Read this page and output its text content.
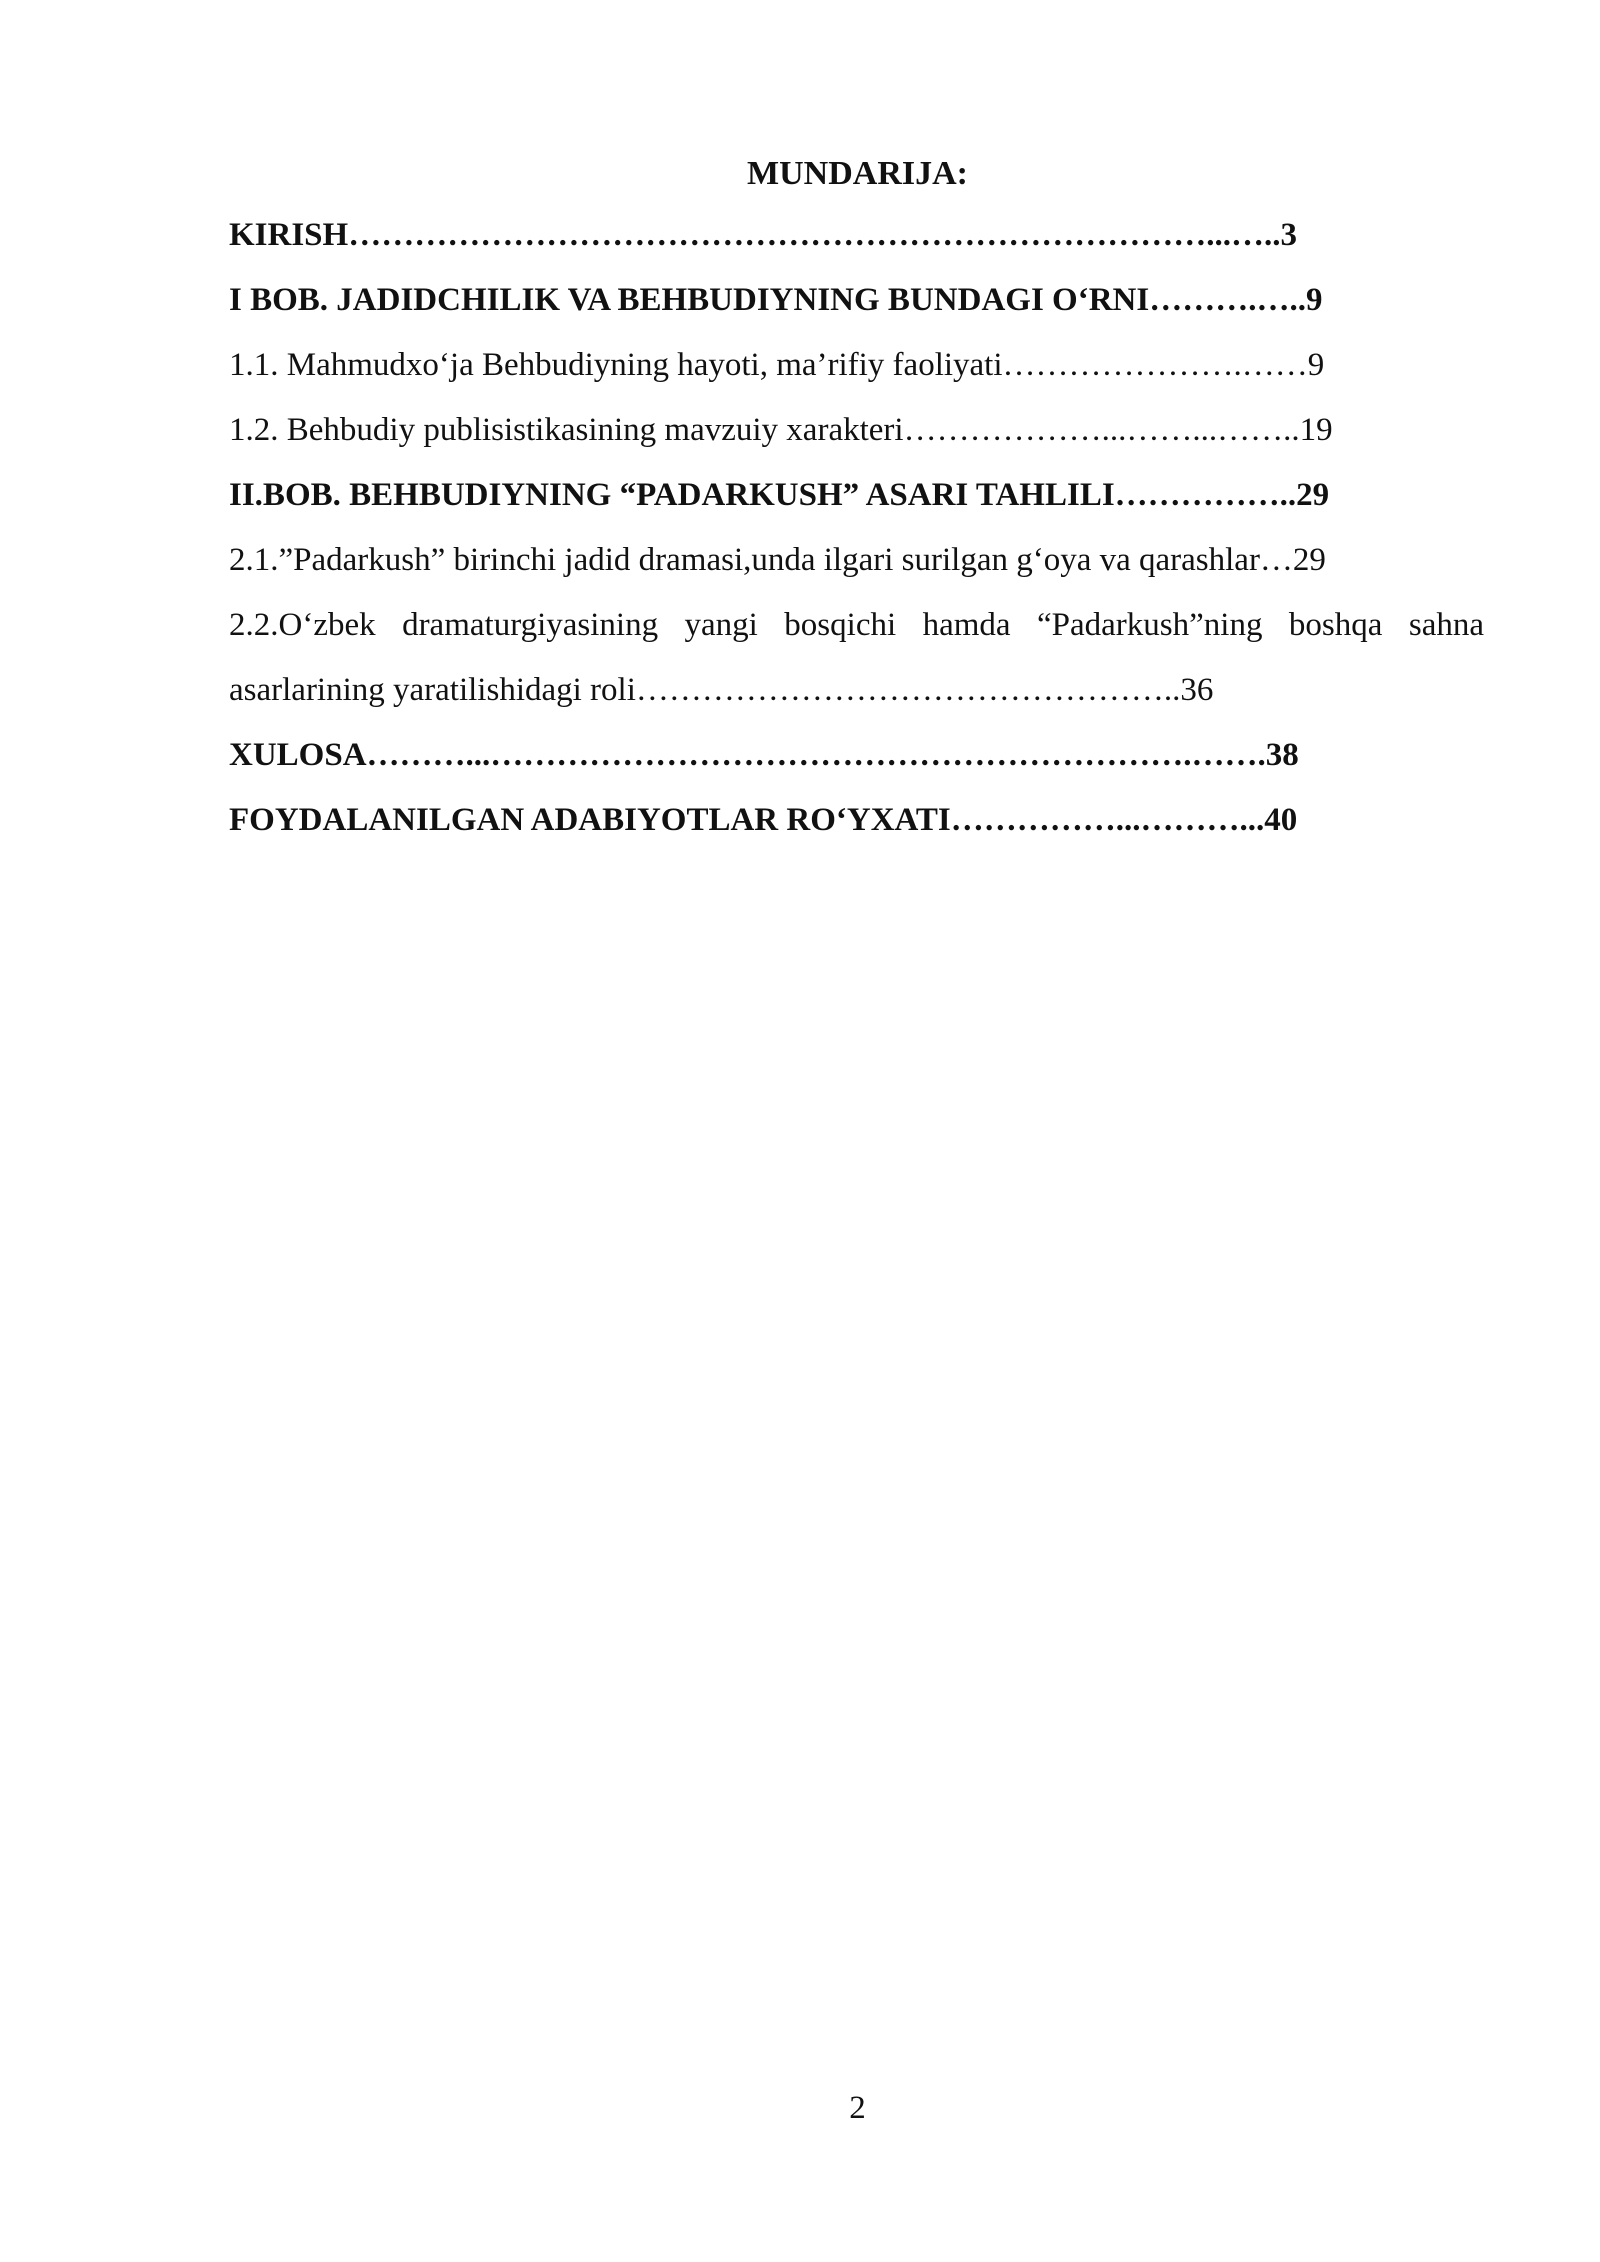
MUNDARIJA:
KIRISH……………………………………………………………………...…..3
I BOB. JADIDCHILIK VA BEHBUDIYNING BUNDAGI O‘RNI……….…..9
1.1. Mahmudxo‘ja Behbudiyning hayoti, ma’rifiy faoliyati………………….……9
1.2. Behbudiy publisistikasining mavzuiy xarakteri………………...……...……..19
II.BOB. BEHBUDIYNING “PADARKUSH” ASARI TAHLILI……………..29
2.1.”Padarkush” birinchi jadid dramasi,unda ilgari surilgan g‘oya va qarashlar…29
2.2.O‘zbek dramaturgiyasining yangi bosqichi hamda “Padarkush”ning boshqa sahna asarlarining yaratilishidagi roli…………………………………………..36
XULOSA………...……………………………………………………….…….38
FOYDALANILGAN ADABIYOTLAR RO‘YXATI……………...………...40
2
